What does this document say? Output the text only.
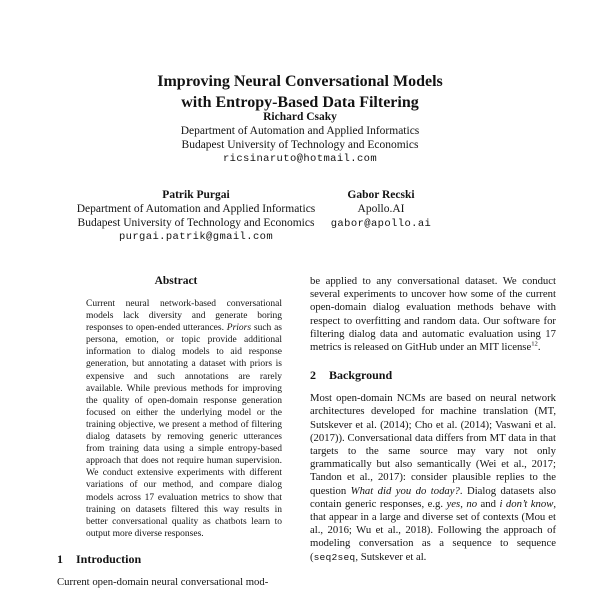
Improving Neural Conversational Models
with Entropy-Based Data Filtering
Richard Csaky
Department of Automation and Applied Informatics
Budapest University of Technology and Economics
ricsinaruto@hotmail.com
Patrik Purgai
Department of Automation and Applied Informatics
Budapest University of Technology and Economics
purgai.patrik@gmail.com
Gabor Recski
Apollo.AI
gabor@apollo.ai
Abstract

Current neural network-based conversational models lack diversity and generate boring responses to open-ended utterances. Priors such as persona, emotion, or topic provide additional information to dialog models to aid response generation, but annotating a dataset with priors is expensive and such annotations are rarely available. While previous methods for improving the quality of open-domain response generation focused on either the underlying model or the training objective, we present a method of filtering dialog datasets by removing generic utterances from training data using a simple entropy-based approach that does not require human supervision. We conduct extensive experiments with different variations of our method, and compare dialog models across 17 evaluation metrics to show that training on datasets filtered this way results in better conversational quality as chatbots learn to output more diverse responses.

1 Introduction

Current open-domain neural conversational mod-

be applied to any conversational dataset. We conduct several experiments to uncover how some of the current open-domain dialog evaluation methods behave with respect to overfitting and random data. Our software for filtering dialog data and automatic evaluation using 17 metrics is released on GitHub under an MIT license$^{12}$.

2 Background

Most open-domain NCMs are based on neural network architectures developed for machine translation (MT, Sutskever et al. (2014); Cho et al. (2014); Vaswani et al. (2017)). Conversational data differs from MT data in that targets to the same source may vary not only grammatically but also semantically (Wei et al., 2017; Tandon et al., 2017): consider plausible replies to the question What did you do today?. Dialog datasets also contain generic responses, e.g. yes, no and i don’t know, that appear in a large and diverse set of contexts (Mou et al., 2016; Wu et al., 2018). Following the approach of modeling conversation as a sequence to sequence (seq2seq, Sutskever et al.
